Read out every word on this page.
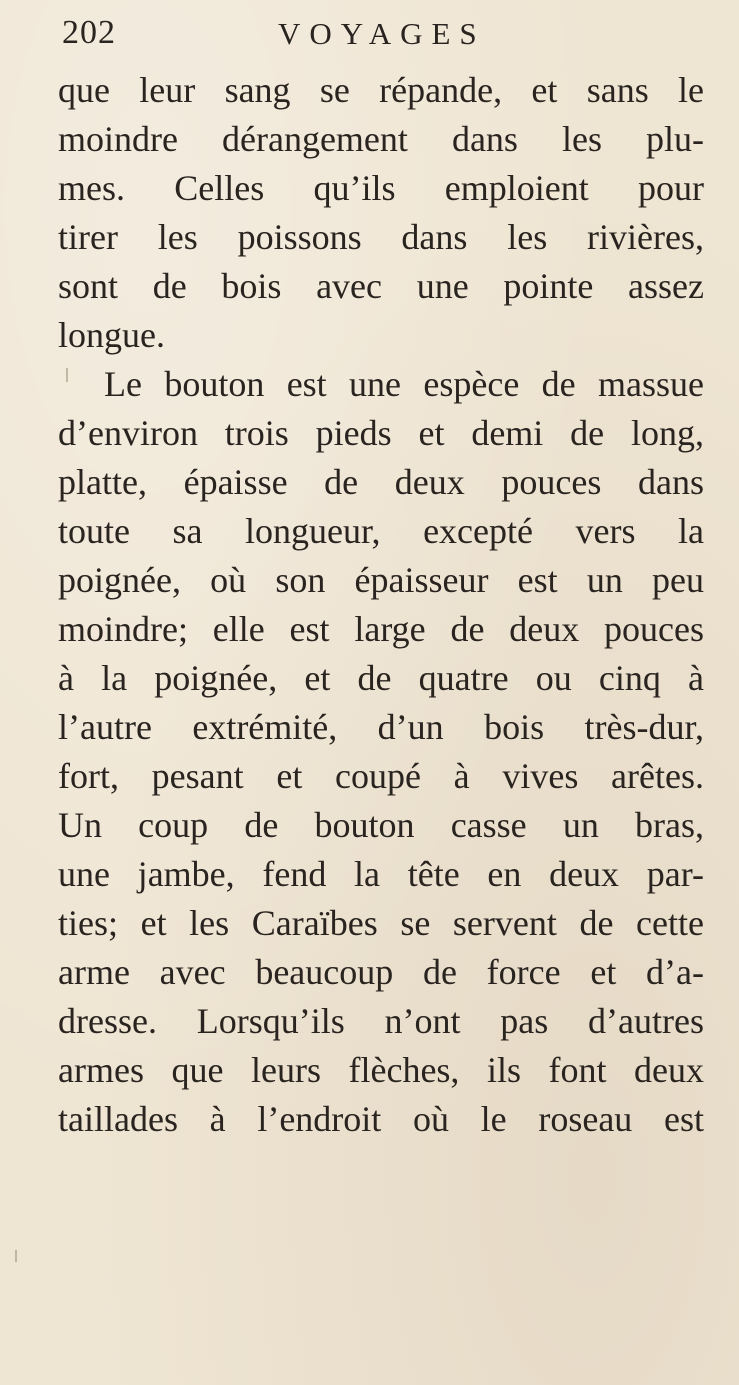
202	VOYAGES
que leur sang se répande, et sans le
moindre dérangement dans les plu-
mes. Celles qu’ils emploient pour
tirer les poissons dans les rivières,
sont de bois avec une pointe assez
longue.
Le bouton est une espèce de massue
d’environ trois pieds et demi de long,
platte, épaisse de deux pouces dans
toute sa longueur, excepté vers la
poignée, où son épaisseur est un peu
moindre; elle est large de deux pouces
à la poignée, et de quatre ou cinq à
l’autre extrémité, d’un bois très-dur,
fort, pesant et coupé à vives arêtes.
Un coup de bouton casse un bras,
une jambe, fend la tête en deux par-
ties; et les Caraïbes se servent de cette
arme avec beaucoup de force et d’a-
dresse. Lorsqu’ils n’ont pas d’autres
armes que leurs flèches, ils font deux
taillades à l’endroit où le roseau est
